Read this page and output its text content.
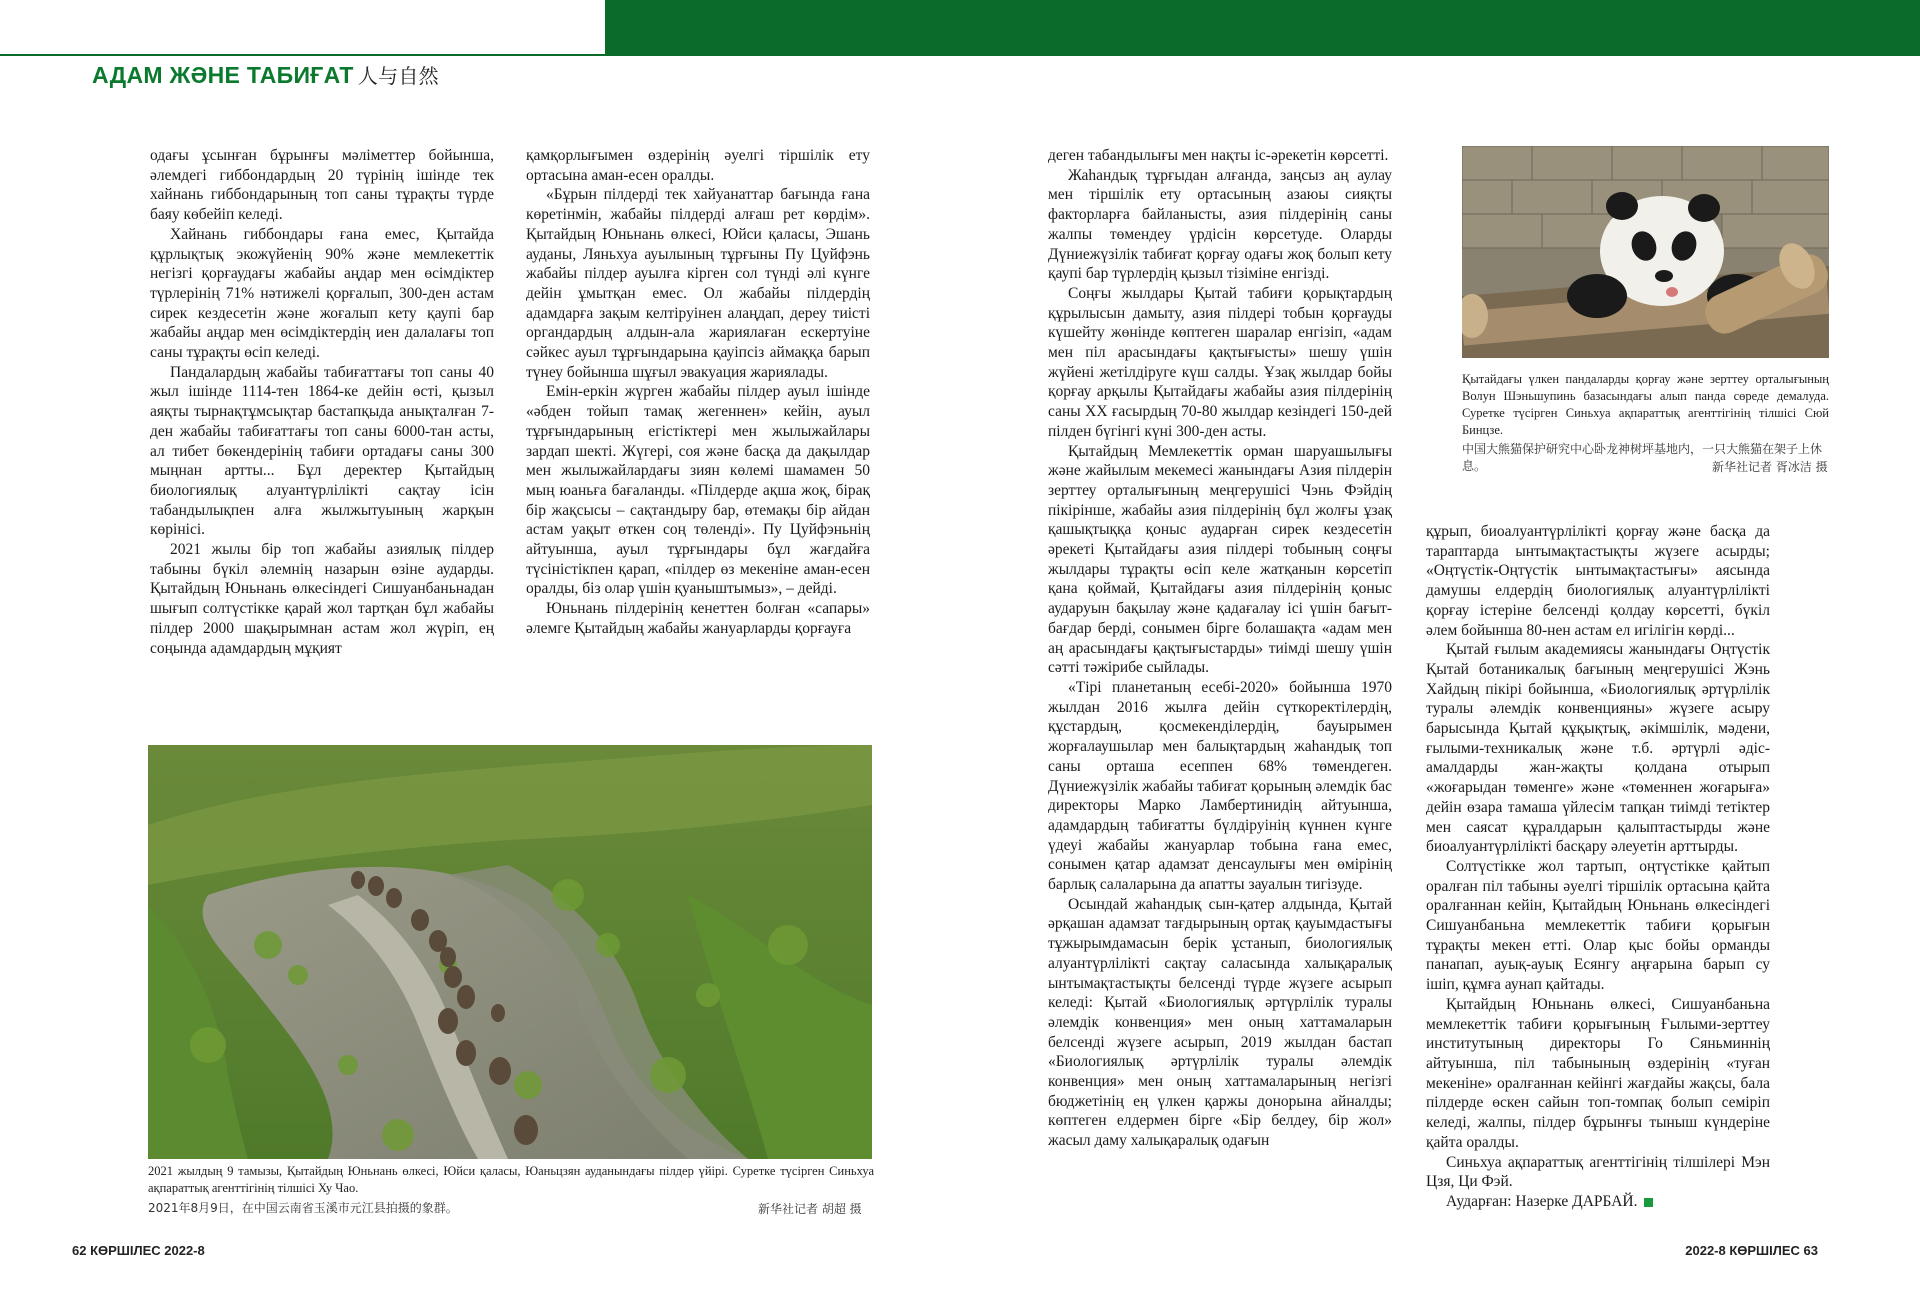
АДАМ ЖӘНЕ ТАБИҒАТ 人与自然

одағы ұсынған бұрынғы мәліметтер бойынша, әлемдегі гиббондардың 20 түрінің ішінде тек хайнань гиббондарының топ саны тұрақты түрде баяу көбейіп келеді.

Хайнань гиббондары ғана емес, Қытайда құрлықтық экожүйенің 90% және мемлекеттік негізгі қорғаудағы жабайы аңдар мен өсімдіктер түрлерінің 71% нәтижелі қорғалып, 300-ден астам сирек кездесетін және жоғалып кету қаупі бар жабайы аңдар мен өсімдіктердің иен далалағы топ саны тұрақты өсіп келеді.

Пандалардың жабайы табиғаттағы топ саны 40 жыл ішінде 1114-тен 1864-ке дейін өсті, қызыл аяқты тырнақтұмсықтар бастапқыда анықталған 7-ден жабайы табиғаттағы топ саны 6000-тан асты, ал тибет бөкендерінің табиғи ортадағы саны 300 мыңнан артты... Бұл деректер Қытайдың биологиялық алуантүрлілікті сақтау ісін табандылықпен алға жылжытуының жарқын көрінісі.

2021 жылы бір топ жабайы азиялық пілдер табыны бүкіл әлемнің назарын өзіне аударды. Қытайдың Юньнань өлкесіндегі Сишуанбаньнадан шығып солтүстікке қарай жол тартқан бұл жабайы пілдер 2000 шақырымнан астам жол жүріп, ең соңында адамдардың мұқият

қамқорлығымен өздерінің әуелгі тіршілік ету ортасына аман-есен оралды.

«Бұрын пілдерді тек хайуанаттар бағында ғана көретінмін, жабайы пілдерді алғаш рет көрдім». Қытайдың Юньнань өлкесі, Юйси қаласы, Эшань ауданы, Ляньхуа ауылының тұрғыны Пу Цуйфэнь жабайы пілдер ауылға кірген сол түнді әлі күнге дейін ұмытқан емес. Ол жабайы пілдердің адамдарға зақым келтіруінен алаңдап, дереу тиісті органдардың алдын-ала жариялаған ескертуіне сәйкес ауыл тұрғындарына қауіпсіз аймаққа барып түнеу бойынша шұғыл эвакуация жариялады.

Емін-еркін жүрген жабайы пілдер ауыл ішінде «әбден тойып тамақ жегеннен» кейін, ауыл тұрғындарының егістіктері мен жылыжайлары зардап шекті. Жүгері, соя және басқа да дақылдар мен жылыжайлардағы зиян көлемі шамамен 50 мың юаньға бағаланды. «Пілдерде ақша жоқ, бірақ бір жақсысы – сақтандыру бар, өтемақы бір айдан астам уақыт өткен соң төленді». Пу Цуйфэньнің айтуынша, ауыл тұрғындары бұл жағдайға түсіністікпен қарап, «пілдер өз мекеніне аман-есен оралды, біз олар үшін қуаныштымыз», – дейді.

Юньнань пілдерінің кенеттен болған «сапары» әлемге Қытайдың жабайы жануарларды қорғауға

2021 жылдың 9 тамызы, Қытайдың Юньнань өлкесі, Юйси қаласы, Юаньцзян ауданындағы пілдер үйірі. Суретке түсірген Синьхуа ақпараттық агенттігінің тілшісі Ху Чао.
2021年8月9日，在中国云南省玉溪市元江县拍摄的象群。	新华社记者 胡超 摄

деген табандылығы мен нақты іс-әрекетін көрсетті.

Жаһандық тұрғыдан алғанда, заңсыз аң аулау мен тіршілік ету ортасының азаюы сияқты факторларға байланысты, азия пілдерінің саны жалпы төмендеу үрдісін көрсетуде. Оларды Дүниежүзілік табиғат қорғау одағы жоқ болып кету қаупі бар түрлердің қызыл тізіміне енгізді.

Соңғы жылдары Қытай табиғи қорықтардың құрылысын дамыту, азия пілдері тобын қорғауды күшейту жөнінде көптеген шаралар енгізіп, «адам мен піл арасындағы қақтығысты» шешу үшін жүйені жетілдіруге күш салды. Ұзақ жылдар бойы қорғау арқылы Қытайдағы жабайы азия пілдерінің саны XX ғасырдың 70-80 жылдар кезіндегі 150-дей пілден бүгінгі күні 300-ден асты.

Қытайдың Мемлекеттік орман шаруашылығы және жайылым мекемесі жанындағы Азия пілдерін зерттеу орталығының меңгерушісі Чэнь Фэйдің пікірінше, жабайы азия пілдерінің бұл жолғы ұзақ қашықтыққа қоныс аударған сирек кездесетін әрекеті Қытайдағы азия пілдері тобының соңғы жылдары тұрақты өсіп келе жатқанын көрсетіп қана қоймай, Қытайдағы азия пілдерінің қоныс аударуын бақылау және қадағалау ісі үшін бағыт-бағдар берді, сонымен бірге болашақта «адам мен аң арасындағы қақтығыстарды» тиімді шешу үшін сәтті тәжірибе сыйлады.

«Тірі планетаның есебі-2020» бойынша 1970 жылдан 2016 жылға дейін сүткоректілердің, құстардың, қосмекенділердің, бауырымен жорғалаушылар мен балықтардың жаһандық топ саны орташа есеппен 68% төмендеген. Дүниежүзілік жабайы табиғат қорының әлемдік бас директоры Марко Ламбертинидің айтуынша, адамдардың табиғатты бүлдіруінің күннен күнге үдеуі жабайы жануарлар тобына ғана емес, сонымен қатар адамзат денсаулығы мен өмірінің барлық салаларына да апатты зауалын тигізуде.

Осындай жаһандық сын-қатер алдында, Қытай әрқашан адамзат тағдырының ортақ қауымдастығы тұжырымдамасын берік ұстанып, биологиялық алуантүрлілікті сақтау саласында халықаралық ынтымақтастықты белсенді түрде жүзеге асырып келеді: Қытай «Биологиялық әртүрлілік туралы әлемдік конвенция» мен оның хаттамаларын белсенді жүзеге асырып, 2019 жылдан бастап «Биологиялық әртүрлілік туралы әлемдік конвенция» мен оның хаттамаларының негізгі бюджетінің ең үлкен қаржы донорына айналды; көптеген елдермен бірге «Бір белдеу, бір жол» жасыл даму халықаралық одағын

Қытайдағы үлкен пандаларды қорғау және зерттеу орталығының Волун Шэньшупинь базасындағы алып панда сөреде демалуда. Суретке түсірген Синьхуа ақпараттық агенттігінің тілшісі Сюй Бинцзе.
中国大熊猫保护研究中心卧龙神树坪基地内，一只大熊猫在架子上休息。	新华社记者 胥冰洁 摄

құрып, биоалуантүрлілікті қорғау және басқа да тараптарда ынтымақтастықты жүзеге асырды; «Оңтүстік-Оңтүстік ынтымақтастығы» аясында дамушы елдердің биологиялық алуантүрлілікті қорғау істеріне белсенді қолдау көрсетті, бүкіл әлем бойынша 80-нен астам ел игілігін көрді...

Қытай ғылым академиясы жанындағы Оңтүстік Қытай ботаникалық бағының меңгерушісі Жэнь Хайдың пікірі бойынша, «Биологиялық әртүрлілік туралы әлемдік конвенцияны» жүзеге асыру барысында Қытай құқықтық, әкімшілік, мәдени, ғылыми-техникалық және т.б. әртүрлі әдіс-амалдарды жан-жақты қолдана отырып «жоғарыдан төменге» және «төменнен жоғарыға» дейін өзара тамаша үйлесім тапқан тиімді тетіктер мен саясат құралдарын қалыптастырды және биоалуантүрлілікті басқару әлеуетін арттырды.

Солтүстікке жол тартып, оңтүстікке қайтып оралған піл табыны әуелгі тіршілік ортасына қайта оралғаннан кейін, Қытайдың Юньнань өлкесіндегі Сишуанбаньна мемлекеттік табиғи қорығын тұрақты мекен етті. Олар қыс бойы орманды панапап, ауық-ауық Есянгу аңғарына барып су ішіп, құмға аунап қайтады.

Қытайдың Юньнань өлкесі, Сишуанбаньна мемлекеттік табиғи қорығының Ғылыми-зерттеу институтының директоры Го Сяньминнің айтуынша, піл табынының өздерінің «туған мекеніне» оралғаннан кейінгі жағдайы жақсы, бала пілдерде өскен сайын топ-томпақ болып семіріп келеді, жалпы, пілдер бұрынғы тыныш күндеріне қайта оралды.

Синьхуа ақпараттық агенттігінің тілшілері Мэн Цзя, Ци Фэй.

Аударған: Назерке ДАРБАЙ.

62 КӨРШІЛЕС 2022-8	2022-8 КӨРШІЛЕС 63
